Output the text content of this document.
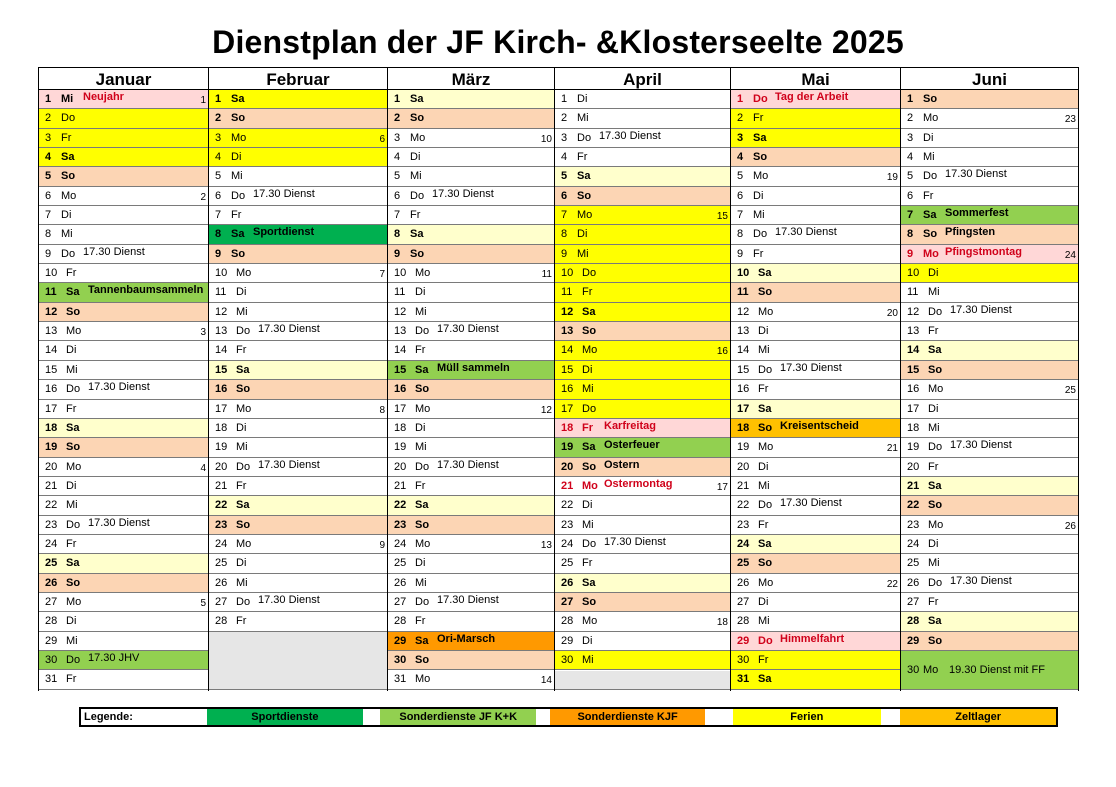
Dienstplan der JF Kirch- &Klosterseelte 2025
Januar
1 Mi Neujahr	1
2 Do
3 Fr
4 Sa
5 So
6 Mo	2
7 Di
8 Mi
9 Do 17.30 Dienst
10 Fr
11 Sa Tannenbaumsammeln
12 So
13 Mo	3
14 Di
15 Mi
16 Do 17.30 Dienst
17 Fr
18 Sa
19 So
20 Mo	4
21 Di
22 Mi
23 Do 17.30 Dienst
24 Fr
25 Sa
26 So
27 Mo	5
28 Di
29 Mi
30 Do 17.30 JHV
31 Fr
Februar
1 Sa
2 So
3 Mo	6
4 Di
5 Mi
6 Do 17.30 Dienst
7 Fr
8 Sa Sportdienst
9 So
10 Mo	7
11 Di
12 Mi
13 Do 17.30 Dienst
14 Fr
15 Sa
16 So
17 Mo	8
18 Di
19 Mi
20 Do 17.30 Dienst
21 Fr
22 Sa
23 So
24 Mo	9
25 Di
26 Mi
27 Do 17.30 Dienst
28 Fr
März
1 Sa
2 So
3 Mo	10
4 Di
5 Mi
6 Do 17.30 Dienst
7 Fr
8 Sa
9 So
10 Mo	11
11 Di
12 Mi
13 Do 17.30 Dienst
14 Fr
15 Sa Müll sammeln
16 So
17 Mo	12
18 Di
19 Mi
20 Do 17.30 Dienst
21 Fr
22 Sa
23 So
24 Mo	13
25 Di
26 Mi
27 Do 17.30 Dienst
28 Fr
29 Sa Ori-Marsch
30 So
31 Mo	14
April
1 Di
2 Mi
3 Do 17.30 Dienst
4 Fr
5 Sa
6 So
7 Mo	15
8 Di
9 Mi
10 Do
11 Fr
12 Sa
13 So
14 Mo	16
15 Di
16 Mi
17 Do
18 Fr Karfreitag
19 Sa Osterfeuer
20 So Ostern
21 Mo Ostermontag	17
22 Di
23 Mi
24 Do 17.30 Dienst
25 Fr
26 Sa
27 So
28 Mo	18
29 Di
30 Mi
Mai
1 Do Tag der Arbeit
2 Fr
3 Sa
4 So
5 Mo	19
6 Di
7 Mi
8 Do 17.30 Dienst
9 Fr
10 Sa
11 So
12 Mo	20
13 Di
14 Mi
15 Do 17.30 Dienst
16 Fr
17 Sa
18 So Kreisentscheid
19 Mo	21
20 Di
21 Mi
22 Do 17.30 Dienst
23 Fr
24 Sa
25 So
26 Mo	22
27 Di
28 Mi
29 Do Himmelfahrt
30 Fr
31 Sa
Juni
1 So
2 Mo	23
3 Di
4 Mi
5 Do 17.30 Dienst
6 Fr
7 Sa Sommerfest
8 So Pfingsten
9 Mo Pfingstmontag	24
10 Di
11 Mi
12 Do 17.30 Dienst
13 Fr
14 Sa
15 So
16 Mo	25
17 Di
18 Mi
19 Do 17.30 Dienst
20 Fr
21 Sa
22 So
23 Mo	26
24 Di
25 Mi
26 Do 17.30 Dienst
27 Fr
28 Sa
29 So
30 Mo 19.30 Dienst mit FF
Legende:	Sportdienste	Sonderdienste JF K+K	Sonderdienste KJF	Ferien	Zeltlager
